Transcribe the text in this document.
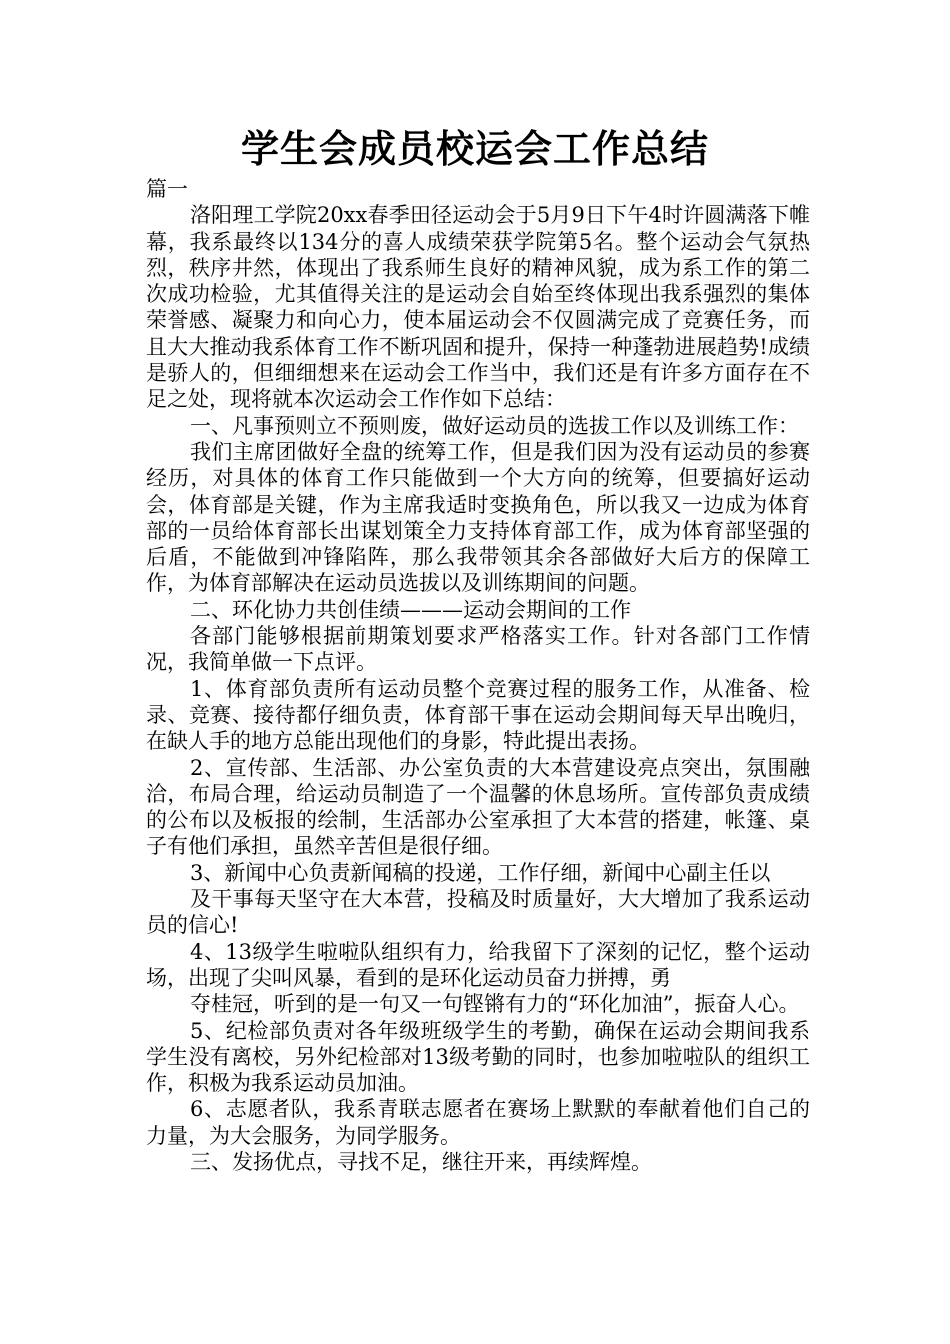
学生会成员校运会工作总结

篇一

洛阳理工学院20xx春季田径运动会于5月9日下午4时许圆满落下帷幕，我系最终以134分的喜人成绩荣获学院第5名。整个运动会气氛热烈，秩序井然，体现出了我系师生良好的精神风貌，成为系工作的第二次成功检验，尤其值得关注的是运动会自始至终体现出我系强烈的集体荣誉感、凝聚力和向心力，使本届运动会不仅圆满完成了竞赛任务，而且大大推动我系体育工作不断巩固和提升，保持一种蓬勃进展趋势!成绩是骄人的，但细细想来在运动会工作当中，我们还是有许多方面存在不足之处，现将就本次运动会工作作如下总结：

一、凡事预则立不预则废，做好运动员的选拔工作以及训练工作：

我们主席团做好全盘的统筹工作，但是我们因为没有运动员的参赛经历，对具体的体育工作只能做到一个大方向的统筹，但要搞好运动会，体育部是关键，作为主席我适时变换角色，所以我又一边成为体育部的一员给体育部长出谋划策全力支持体育部工作，成为体育部坚强的后盾，不能做到冲锋陷阵，那么我带领其余各部做好大后方的保障工作，为体育部解决在运动员选拔以及训练期间的问题。

二、环化协力共创佳绩———运动会期间的工作

各部门能够根据前期策划要求严格落实工作。针对各部门工作情况，我简单做一下点评。

1、体育部负责所有运动员整个竞赛过程的服务工作，从准备、检录、竞赛、接待都仔细负责，体育部干事在运动会期间每天早出晚归，在缺人手的地方总能出现他们的身影，特此提出表扬。

2、宣传部、生活部、办公室负责的大本营建设亮点突出，氛围融洽，布局合理，给运动员制造了一个温馨的休息场所。宣传部负责成绩的公布以及板报的绘制，生活部办公室承担了大本营的搭建，帐篷、桌子有他们承担，虽然辛苦但是很仔细。

3、新闻中心负责新闻稿的投递，工作仔细，新闻中心副主任以

及干事每天坚守在大本营，投稿及时质量好，大大增加了我系运动员的信心!

4、13级学生啦啦队组织有力，给我留下了深刻的记忆，整个运动场，出现了尖叫风暴，看到的是环化运动员奋力拼搏，勇

夺桂冠，听到的是一句又一句铿锵有力的“环化加油”，振奋人心。

5、纪检部负责对各年级班级学生的考勤，确保在运动会期间我系学生没有离校，另外纪检部对13级考勤的同时，也参加啦啦队的组织工作，积极为我系运动员加油。

6、志愿者队，我系青联志愿者在赛场上默默的奉献着他们自己的力量，为大会服务，为同学服务。

三、发扬优点，寻找不足，继往开来，再续辉煌。
